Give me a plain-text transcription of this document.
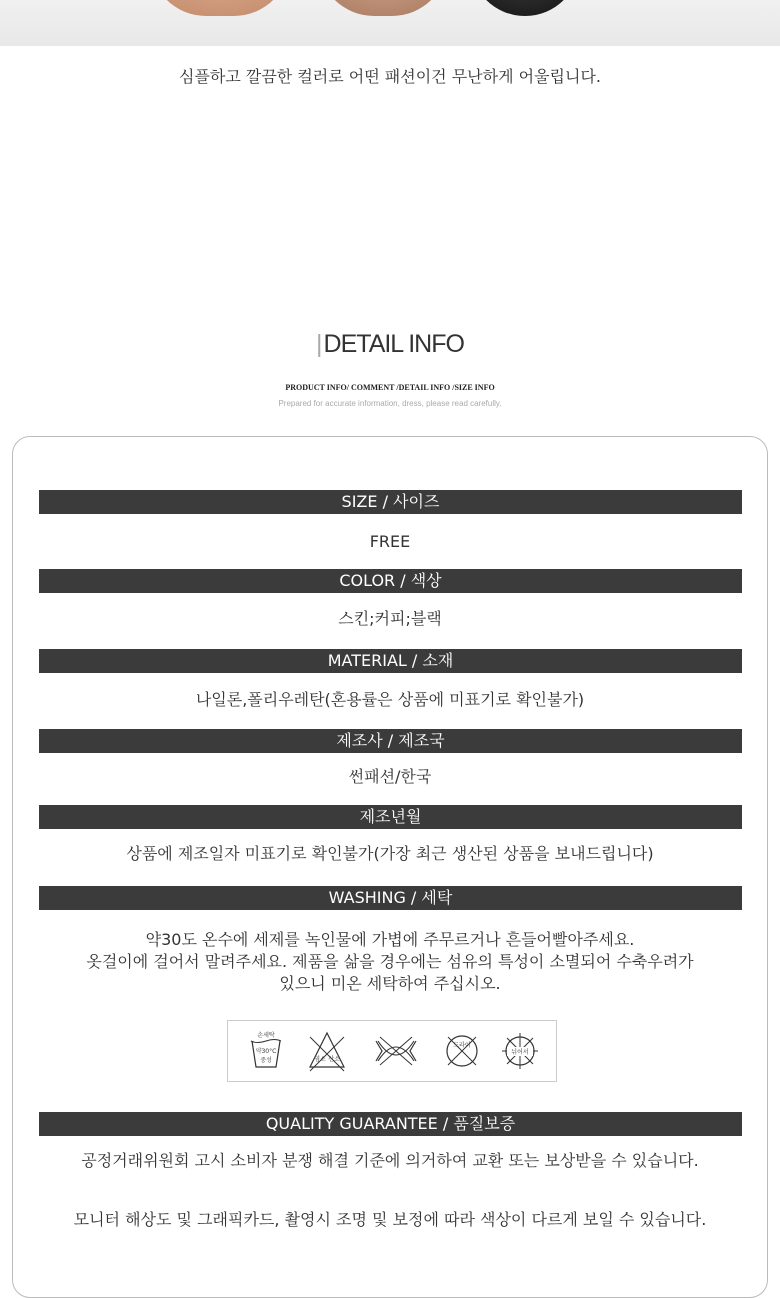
심플하고 깔끔한 컬러로 어떤 패션이건 무난하게 어울립니다.
|DETAIL INFO
PRODUCT INFO/ COMMENT /DETAIL INFO /SIZE INFO
Prepared for accurate information, dress, please read carefully.
SIZE / 사이즈
FREE
COLOR / 색상
스킨;커피;블랙
MATERIAL / 소재
나일론,폴리우레탄(혼용률은 상품에 미표기로 확인불가)
제조사 / 제조국
썬패션/한국
제조년월
상품에 제조일자 미표기로 확인불가(가장 최근 생산된 상품을 보내드립니다)
WASHING / 세탁
약30도 온수에 세제를 녹인물에 가볍에 주무르거나 흔들어빨아주세요.
옷걸이에 걸어서 말려주세요. 제품을 삶을 경우에는 섬유의 특성이 소멸되어 수축우려가
있으니 미온 세탁하여 주십시오.
손세탁
약30°C
중성	염소 산소
드라이
뉘어서
QUALITY GUARANTEE / 품질보증
공정거래위원회 고시 소비자 분쟁 해결 기준에 의거하여 교환 또는 보상받을 수 있습니다.
모니터 해상도 및 그래픽카드, 촬영시 조명 및 보정에 따라 색상이 다르게 보일 수 있습니다.
